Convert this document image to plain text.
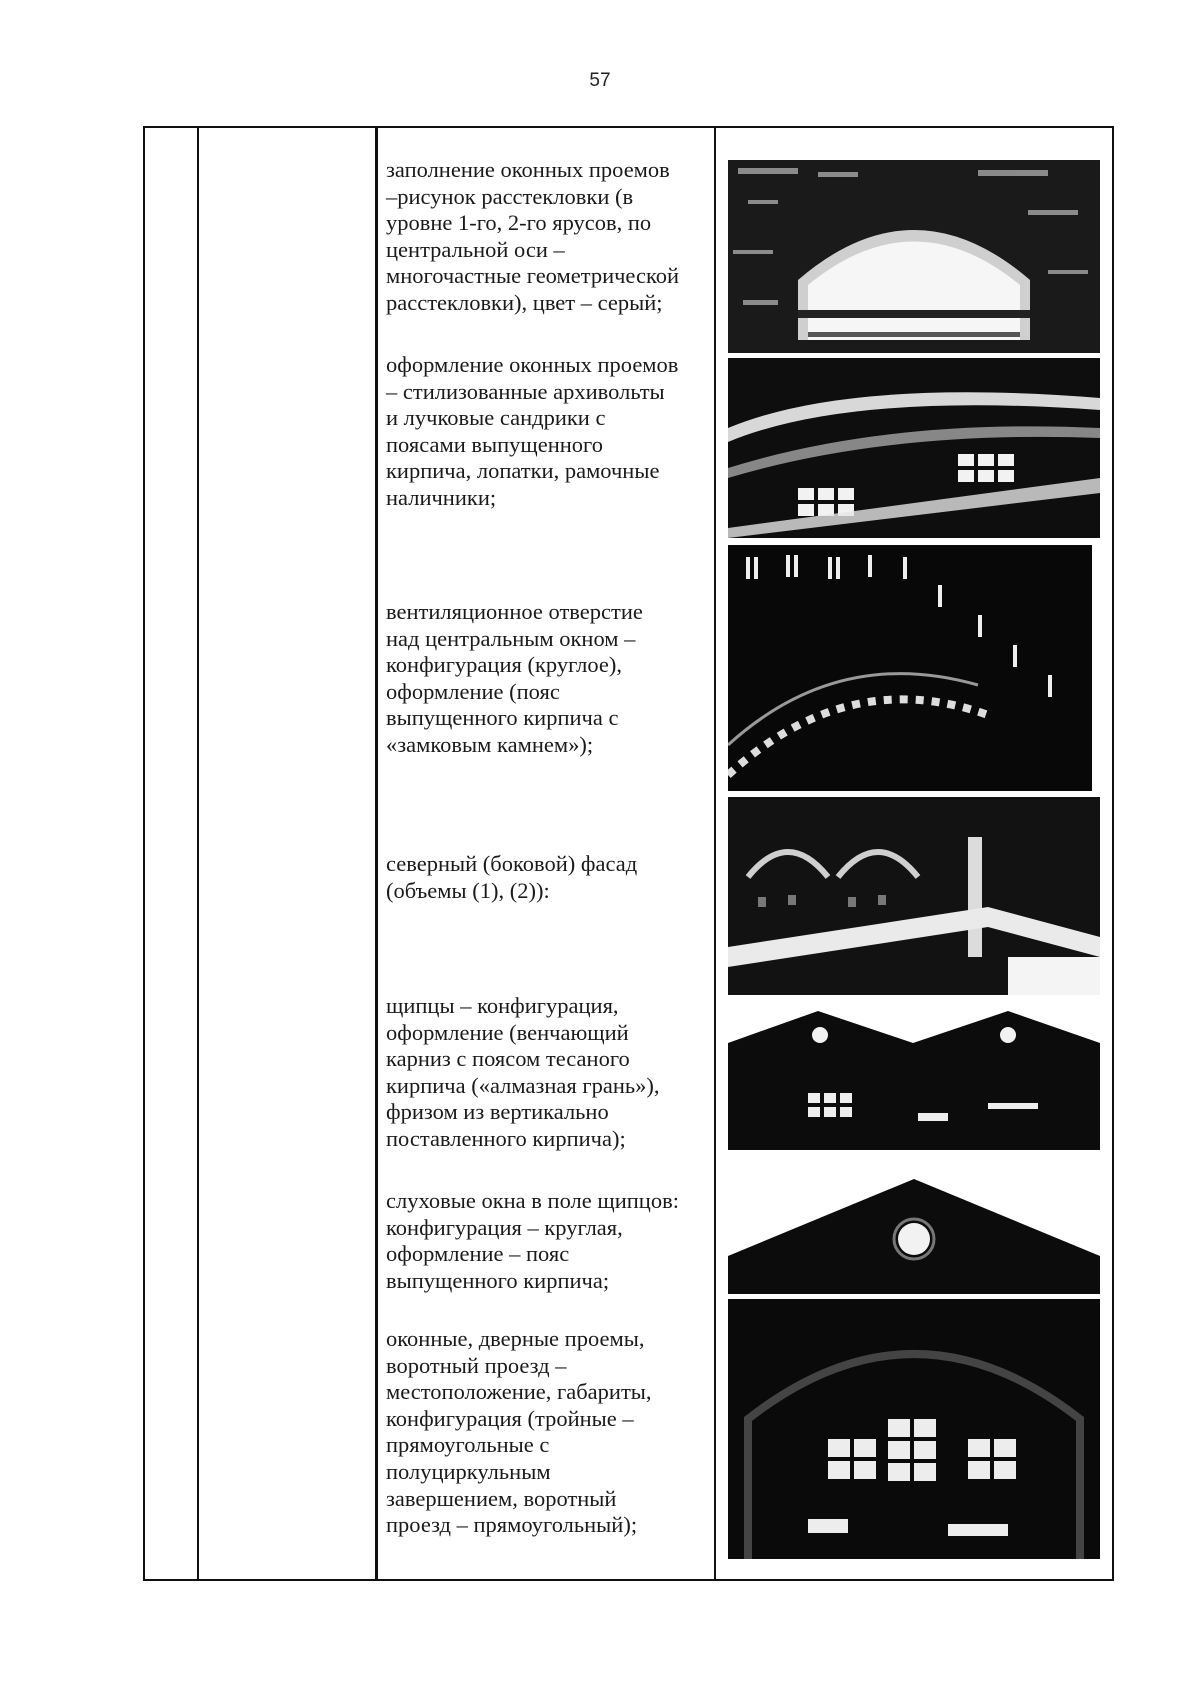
57
заполнение оконных проемов
–рисунок расстекловки (в
уровне 1-го, 2-го ярусов, по
центральной оси –
многочастные геометрической
расстекловки), цвет – серый;
оформление оконных проемов
– стилизованные архивольты
и лучковые сандрики с
поясами выпущенного
кирпича, лопатки, рамочные
наличники;
вентиляционное отверстие
над центральным окном –
конфигурация (круглое),
оформление (пояс
выпущенного кирпича с
«замковым камнем»);
северный (боковой) фасад
(объемы (1), (2)):
щипцы – конфигурация,
оформление (венчающий
карниз с поясом тесаного
кирпича («алмазная грань»),
фризом из вертикально
поставленного кирпича);
слуховые окна в поле щипцов:
конфигурация – круглая,
оформление – пояс
выпущенного кирпича;
оконные, дверные проемы,
воротный проезд –
местоположение, габариты,
конфигурация (тройные –
прямоугольные с
полуциркульным
завершением, воротный
проезд – прямоугольный);
